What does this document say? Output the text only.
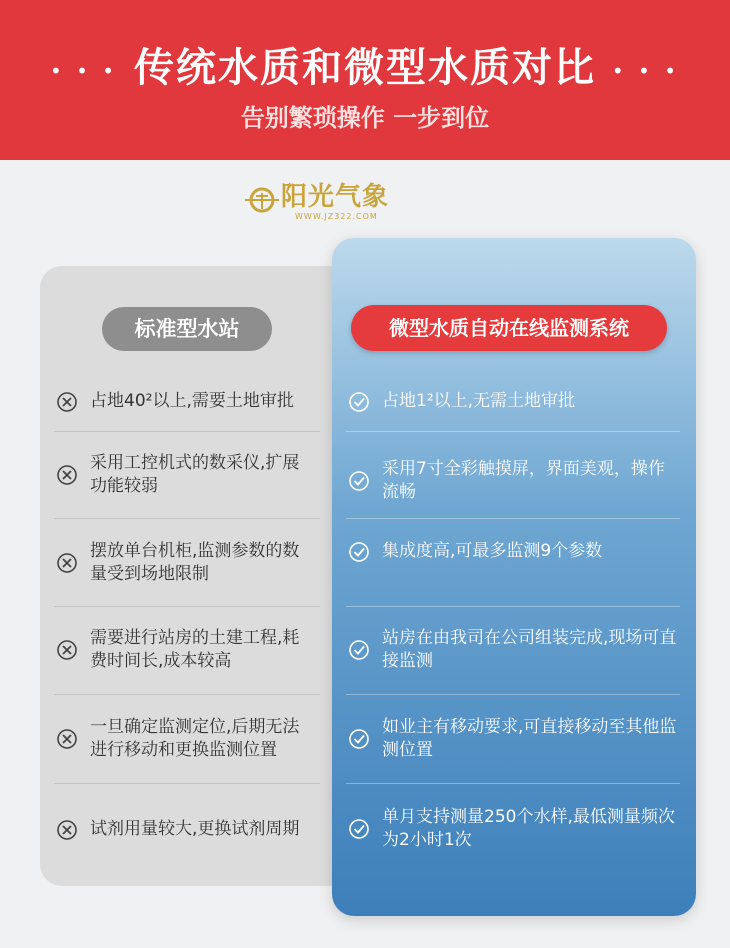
• • • 传统水质和微型水质对比 • • •
告别繁琐操作 一步到位
阳光气象
WWW.JZ322.COM
标准型水站	微型水质自动在线监测系统
占地40²以上,需要土地审批
采用工控机式的数采仪,扩展功能较弱
摆放单台机柜,监测参数的数量受到场地限制
需要进行站房的土建工程,耗费时间长,成本较高
一旦确定监测定位,后期无法进行移动和更换监测位置
试剂用量较大,更换试剂周期
占地1²以上,无需土地审批
采用7寸全彩触摸屏，界面美观，操作流畅
集成度高,可最多监测9个参数
站房在由我司在公司组装完成,现场可直接监测
如业主有移动要求,可直接移动至其他监测位置
单月支持测量250个水样,最低测量频次为2小时1次
